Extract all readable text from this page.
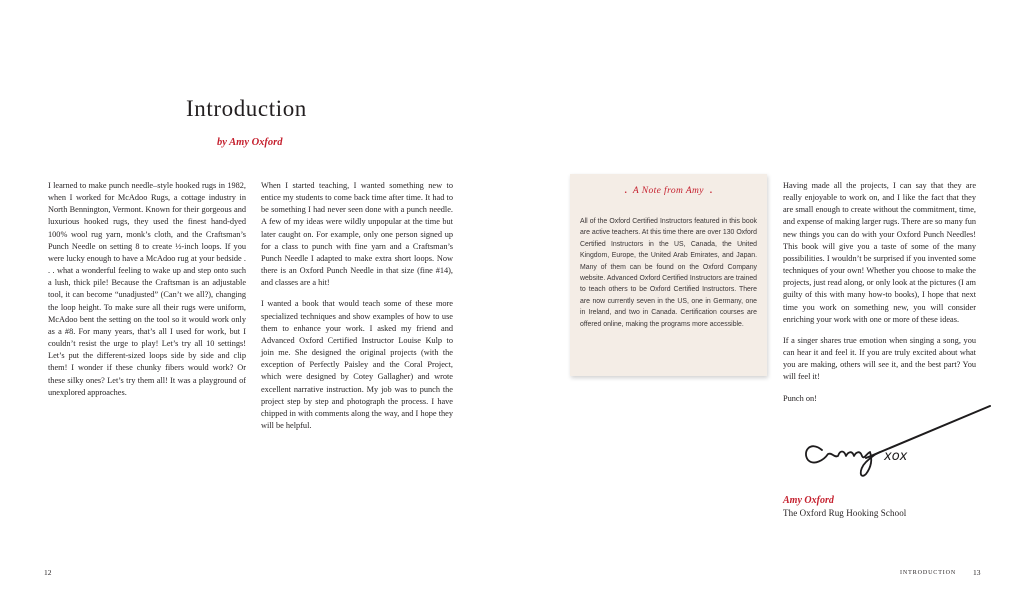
Introduction
by Amy Oxford

I learned to make punch needle–style hooked rugs in 1982, when I worked for McAdoo Rugs, a cottage industry in North Bennington, Vermont. Known for their gorgeous and luxurious hooked rugs, they used the finest hand-dyed 100% wool rug yarn, monk’s cloth, and the Craftsman’s Punch Needle on setting 8 to create ½-inch loops. If you were lucky enough to have a McAdoo rug at your bedside . . . what a wonderful feeling to wake up and step onto such a lush, thick pile! Because the Craftsman is an adjustable tool, it can become “unadjusted” (Can’t we all?), changing the loop height. To make sure all their rugs were uniform, McAdoo bent the setting on the tool so it would work only as a #8. For many years, that’s all I used for work, but I couldn’t resist the urge to play! Let’s try all 10 settings! Let’s put the different-sized loops side by side and clip them! I wonder if these chunky fibers would work? Or these silky ones? Let’s try them all! It was a playground of unexplored approaches.

When I started teaching, I wanted something new to entice my students to come back time after time. It had to be something I had never seen done with a punch needle. A few of my ideas were wildly unpopular at the time but later caught on. For example, only one person signed up for a class to punch with fine yarn and a Craftsman’s Punch Needle I adapted to make extra short loops. Now there is an Oxford Punch Needle in that size (fine #14), and classes are a hit!

I wanted a book that would teach some of these more specialized techniques and show examples of how to use them to enhance your work. I asked my friend and Advanced Oxford Certified Instructor Louise Kulp to join me. She designed the original projects (with the exception of Perfectly Paisley and the Coral Project, which were designed by Cotey Gallagher) and wrote excellent narrative instruction. My job was to punch the project step by step and photograph the process. I have chipped in with comments along the way, and I hope they will be helpful.

12
. A Note from Amy .
All of the Oxford Certified Instructors featured in this book are active teachers. At this time there are over 130 Oxford Certified Instructors in the US, Canada, the United Kingdom, Europe, the United Arab Emirates, and Japan. Many of them can be found on the Oxford Company website. Advanced Oxford Certified Instructors are trained to teach others to be Oxford Certified Instructors. There are now currently seven in the US, one in Germany, one in Ireland, and two in Canada. Certification courses are offered online, making the programs more accessible.

Having made all the projects, I can say that they are really enjoyable to work on, and I like the fact that they are small enough to create without the commitment, time, and expense of making larger rugs. There are so many fun new things you can do with your Oxford Punch Needles! This book will give you a taste of some of the many possibilities. I wouldn’t be surprised if you invented some techniques of your own! Whether you choose to make the projects, just read along, or only look at the pictures (I am guilty of this with many how-to books), I hope that next time you work on something new, you will consider enriching your work with one or more of these ideas.

If a singer shares true emotion when singing a song, you can hear it and feel it. If you are truly excited about what you are making, others will see it, and the best part? You will feel it!

Punch on!

xox
Amy Oxford
The Oxford Rug Hooking School
INTRODUCTION 13
